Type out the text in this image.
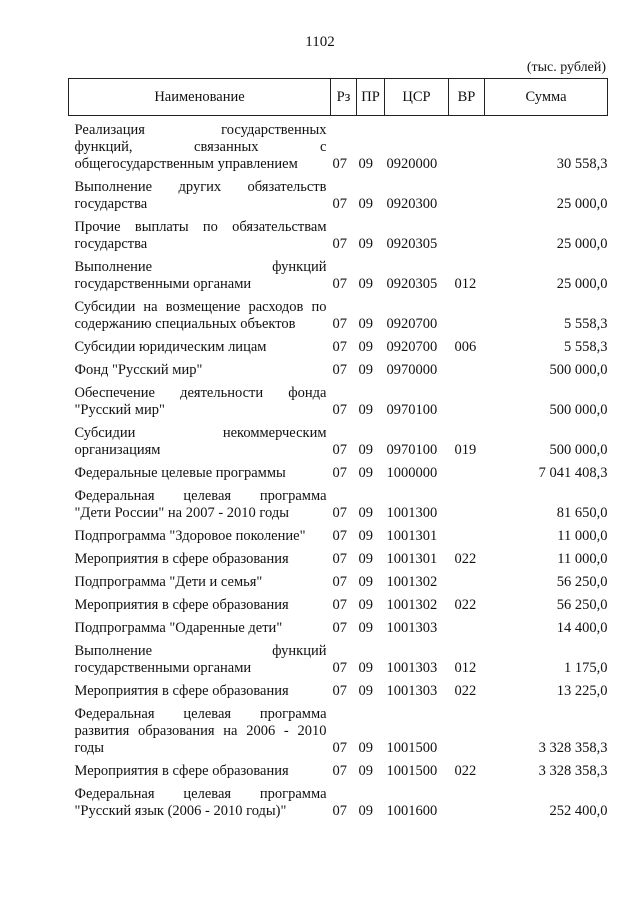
1102
(тыс. рублей)
Наименование	Рз	ПР	ЦСР	ВР	Сумма

Реализация государственных
функций, связанных с
общегосударственным управлением	07	09	0920000		30 558,3

Выполнение других обязательств
государства	07	09	0920300		25 000,0

Прочие выплаты по обязательствам
государства	07	09	0920305		25 000,0

Выполнение функций
государственными органами	07	09	0920305	012	25 000,0

Субсидии на возмещение расходов по
содержанию специальных объектов	07	09	0920700		5 558,3

Субсидии юридическим лицам	07	09	0920700	006	5 558,3

Фонд "Русский мир"	07	09	0970000		500 000,0

Обеспечение деятельности фонда
"Русский мир"	07	09	0970100		500 000,0

Субсидии некоммерческим
организациям	07	09	0970100	019	500 000,0

Федеральные целевые программы	07	09	1000000		7 041 408,3

Федеральная целевая программа
"Дети России" на 2007 - 2010 годы	07	09	1001300		81 650,0

Подпрограмма "Здоровое поколение"	07	09	1001301		11 000,0

Мероприятия в сфере образования	07	09	1001301	022	11 000,0

Подпрограмма "Дети и семья"	07	09	1001302		56 250,0

Мероприятия в сфере образования	07	09	1001302	022	56 250,0

Подпрограмма "Одаренные дети"	07	09	1001303		14 400,0

Выполнение функций
государственными органами	07	09	1001303	012	1 175,0

Мероприятия в сфере образования	07	09	1001303	022	13 225,0

Федеральная целевая программа
развития образования на 2006 - 2010
годы	07	09	1001500		3 328 358,3

Мероприятия в сфере образования	07	09	1001500	022	3 328 358,3

Федеральная целевая программа
"Русский язык (2006 - 2010 годы)"	07	09	1001600		252 400,0
